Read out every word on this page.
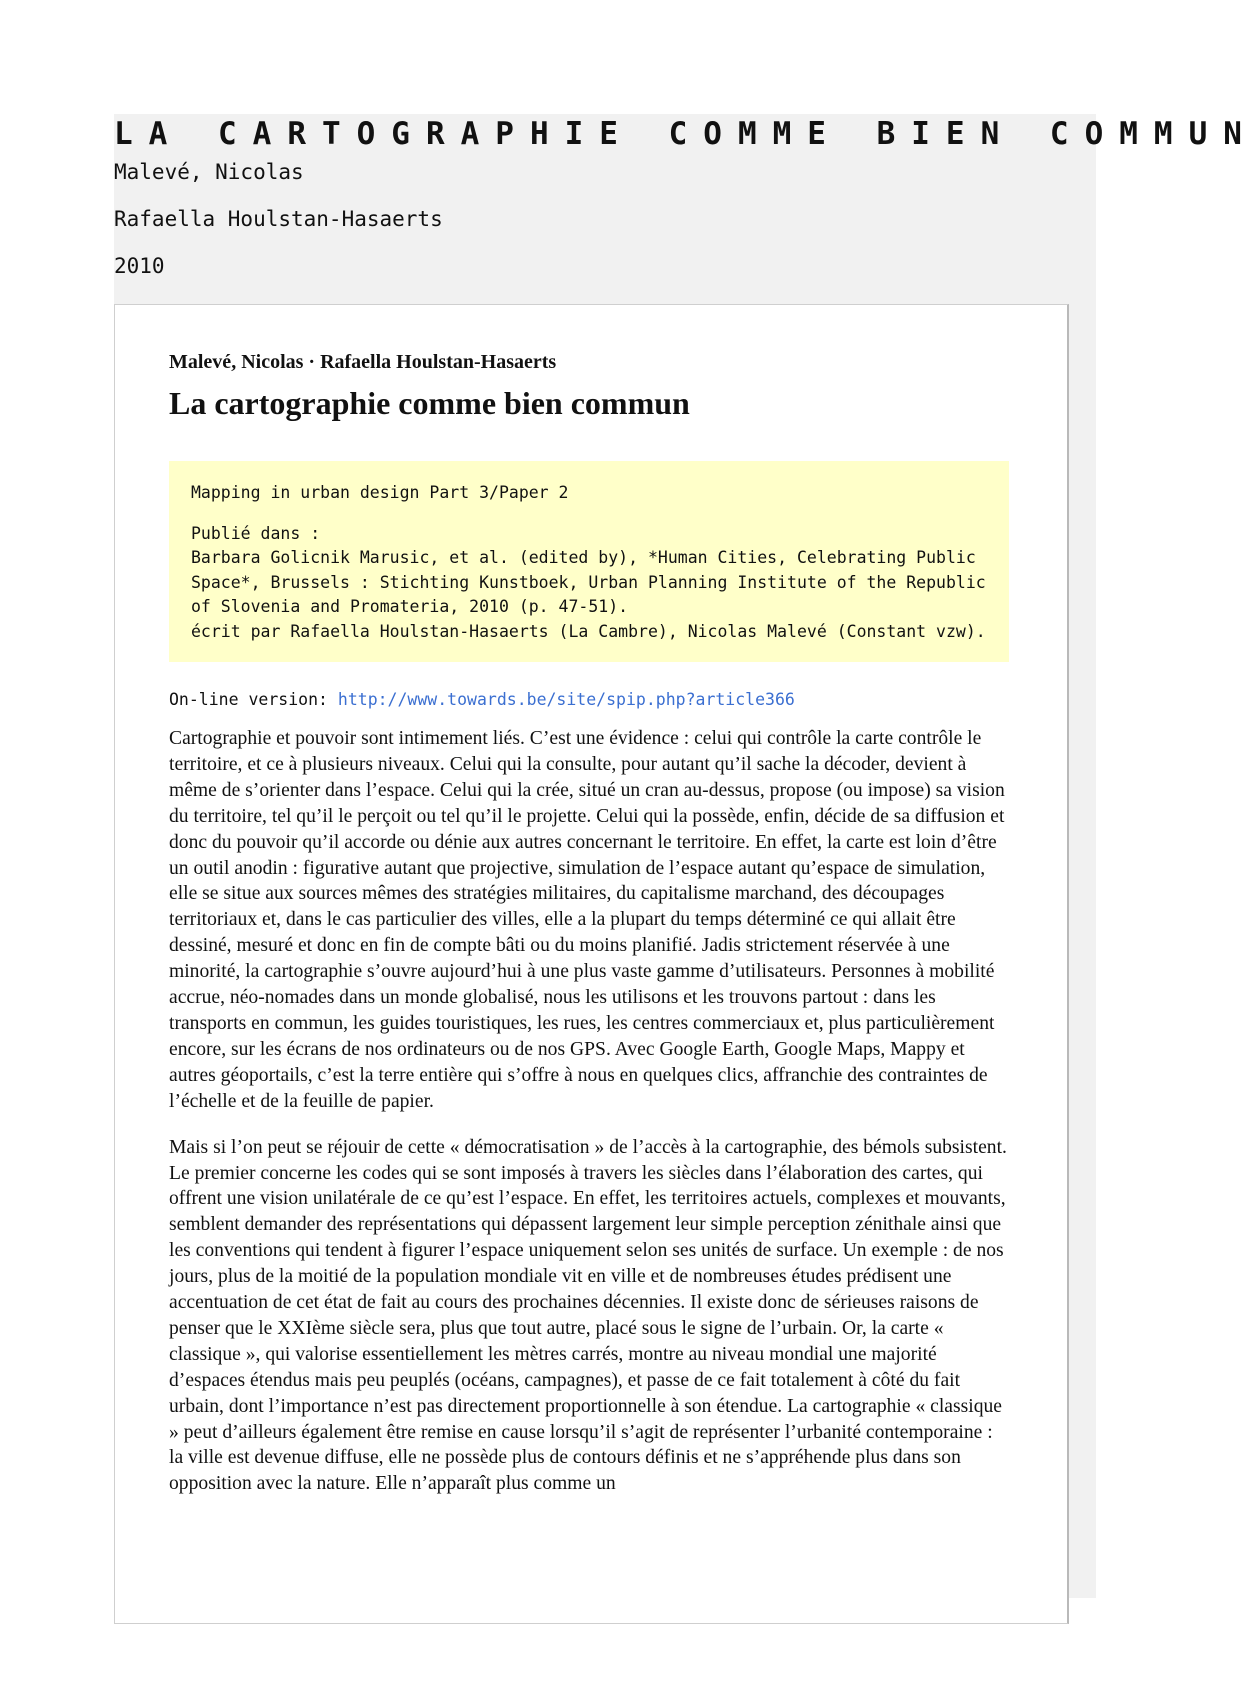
LA CARTOGRAPHIE COMME BIEN COMMUN

Malevé, Nicolas

Rafaella Houlstan-Hasaerts

2010

Malevé, Nicolas · Rafaella Houlstan-Hasaerts

La cartographie comme bien commun

Mapping in urban design Part 3/Paper 2

Publié dans :

Barbara Golicnik Marusic, et al. (edited by), *Human Cities, Celebrating Public Space*, Brussels : Stichting Kunstboek, Urban Planning Institute of the Republic of Slovenia and Promateria, 2010 (p. 47-51).

écrit par Rafaella Houlstan-Hasaerts (La Cambre), Nicolas Malevé (Constant vzw).

On-line version: http://www.towards.be/site/spip.php?article366

Cartographie et pouvoir sont intimement liés. C’est une évidence : celui qui contrôle la carte contrôle le territoire, et ce à plusieurs niveaux. Celui qui la consulte, pour autant qu’il sache la décoder, devient à même de s’orienter dans l’espace. Celui qui la crée, situé un cran au-dessus, propose (ou impose) sa vision du territoire, tel qu’il le perçoit ou tel qu’il le projette. Celui qui la possède, enfin, décide de sa diffusion et donc du pouvoir qu’il accorde ou dénie aux autres concernant le territoire. En effet, la carte est loin d’être un outil anodin : figurative autant que projective, simulation de l’espace autant qu’espace de simulation, elle se situe aux sources mêmes des stratégies militaires, du capitalisme marchand, des découpages territoriaux et, dans le cas particulier des villes, elle a la plupart du temps déterminé ce qui allait être dessiné, mesuré et donc en fin de compte bâti ou du moins planifié. Jadis strictement réservée à une minorité, la cartographie s’ouvre aujourd’hui à une plus vaste gamme d’utilisateurs. Personnes à mobilité accrue, néo-nomades dans un monde globalisé, nous les utilisons et les trouvons partout : dans les transports en commun, les guides touristiques, les rues, les centres commerciaux et, plus particulièrement encore, sur les écrans de nos ordinateurs ou de nos GPS. Avec Google Earth, Google Maps, Mappy et autres géoportails, c’est la terre entière qui s’offre à nous en quelques clics, affranchie des contraintes de l’échelle et de la feuille de papier.

Mais si l’on peut se réjouir de cette « démocratisation » de l’accès à la cartographie, des bémols subsistent. Le premier concerne les codes qui se sont imposés à travers les siècles dans l’élaboration des cartes, qui offrent une vision unilatérale de ce qu’est l’espace. En effet, les territoires actuels, complexes et mouvants, semblent demander des représentations qui dépassent largement leur simple perception zénithale ainsi que les conventions qui tendent à figurer l’espace uniquement selon ses unités de surface. Un exemple : de nos jours, plus de la moitié de la population mondiale vit en ville et de nombreuses études prédisent une accentuation de cet état de fait au cours des prochaines décennies. Il existe donc de sérieuses raisons de penser que le XXIème siècle sera, plus que tout autre, placé sous le signe de l’urbain. Or, la carte « classique », qui valorise essentiellement les mètres carrés, montre au niveau mondial une majorité d’espaces étendus mais peu peuplés (océans, campagnes), et passe de ce fait totalement à côté du fait urbain, dont l’importance n’est pas directement proportionnelle à son étendue. La cartographie « classique » peut d’ailleurs également être remise en cause lorsqu’il s’agit de représenter l’urbanité contemporaine : la ville est devenue diffuse, elle ne possède plus de contours définis et ne s’appréhende plus dans son opposition avec la nature. Elle n’apparaît plus comme un
